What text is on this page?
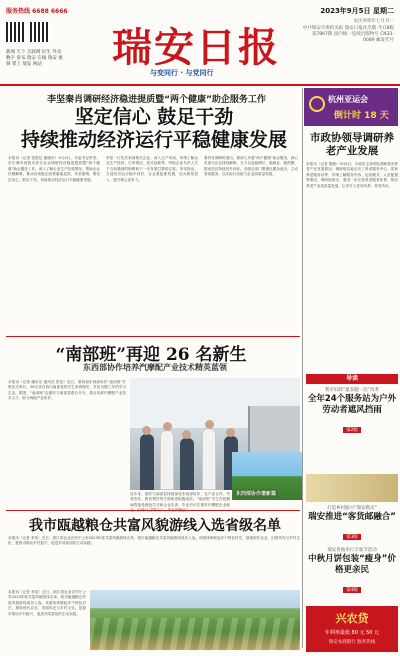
服务热线 6688 6666
新闻 天下 互联网 民生 外卖 数字 发布 瑞安 在线 瑞安 视频 掌上 瑞安 网站	瑞安日报
与变同行 · 与党同行
2023年9月5日 星期二
农历癸卯年七月廿一
中共瑞安市委机关报 瑞安日报社出版 今日8版 第7867期 国内统一连续出版物号 CN33-0089 邮发代号
李坚秦肖调研经济稳进提质暨“两个健康”助企服务工作
坚定信心 鼓足干劲
持续推动经济运行平稳健康发展
本报讯（记者 钱思忆 谢晓东）9月4日，市委书记李坚，市长秦肖到我市部分企业调研经济稳进提质暨“两个健康”助企服务工作，深入了解企业生产经营情况，帮助企业纾困解难，推动各项惠企政策落地见效。李坚强调，要坚定信心，鼓足干劲，持续推动经济运行平稳健康发展。
李坚一行先后来到相关企业，深入生产车间，详细了解企业生产经营、订单情况、技术创新等，听取企业负责人关于当前遇到的困难和下一步发展打算的汇报。李坚指出，当前经济运行稳中向好，企业要抢抓机遇，加大研发投入，提升核心竞争力。
秦肖在调研时指出，要深入开展“两个健康”助企服务，真心实意为企业排忧解难，全力以赴稳增长、稳就业、稳预期，推动经济持续回升向好。各级各部门要强化服务意识，主动靠前服务，以实际行动助力企业高质量发展。
杭州亚运会
倒计时 18 天
市政协领导调研养老产业发展
本报讯（记者 胡薇）9月4日，市政协主席带队调研我市养老产业发展情况。调研组实地走访了养老服务中心、居家养老服务站等，详细了解服务内容、运营模式、人员配置等情况。调研组指出，要进一步完善养老服务体系，推动养老产业高质量发展，让老年人老有所养、老有所乐。
“南部班”再迎 26 名新生
东西部协作培养汽摩配产业技术精英蓝领
本报讯（记者 潘乐乐 通讯员 张蕊）近日，第四届东西部协作“南部班”开班仪式举行，26名来自四川南部县的学生来到瑞安，开启为期三年的学习生活。据悉，“南部班”由瑞安与南部县联合开办，重点培养汽摩配产业技术人才，助力两地产业协作。
近年来，瑞安与南部县持续深化东西部协作，在产业合作、劳务协作、教育帮扶等方面取得积极成效。“南部班”学生在校期间将接受理论学习和企业实训，毕业后可在瑞安汽摩配企业就
东西部协作谱新篇
我市瓯越粮仓共富风貌游线入选省级名单
本报讯（记者 李苗）近日，浙江省农业农村厅公布2023年度共富风貌游线名单，我市瓯越粮仓共富风貌游线成功入选。该游线串联起多个特色村庄，展现现代农业、田园风光与乡村文化，是我市推动乡村振兴、促进共同富裕的生动实践。
本报讯（记者 李苗）近日，浙江省农业农村厅公布2023年度共富风貌游线名单，我市瓯越粮仓共富风貌游线成功入选。该游线串联起多个特色村庄，展现现代农业、田园风光与乡村文化，是我市推动乡村振兴、促进共同富裕的生动实践。
导读
我市妇联“最多跑一次”改革
全年24个服务站为户外劳动者遮风挡雨
第2版
打造乡村振兴“瑞安模式”
瑞安推进“客货邮融合”
第3版
瑞安各地举行丰收节活动
中秋月饼包装“瘦身”价格更亲民
第4版
兴农贷
年利率最低 80 元 50 元
瑞安农商银行 服务热线
